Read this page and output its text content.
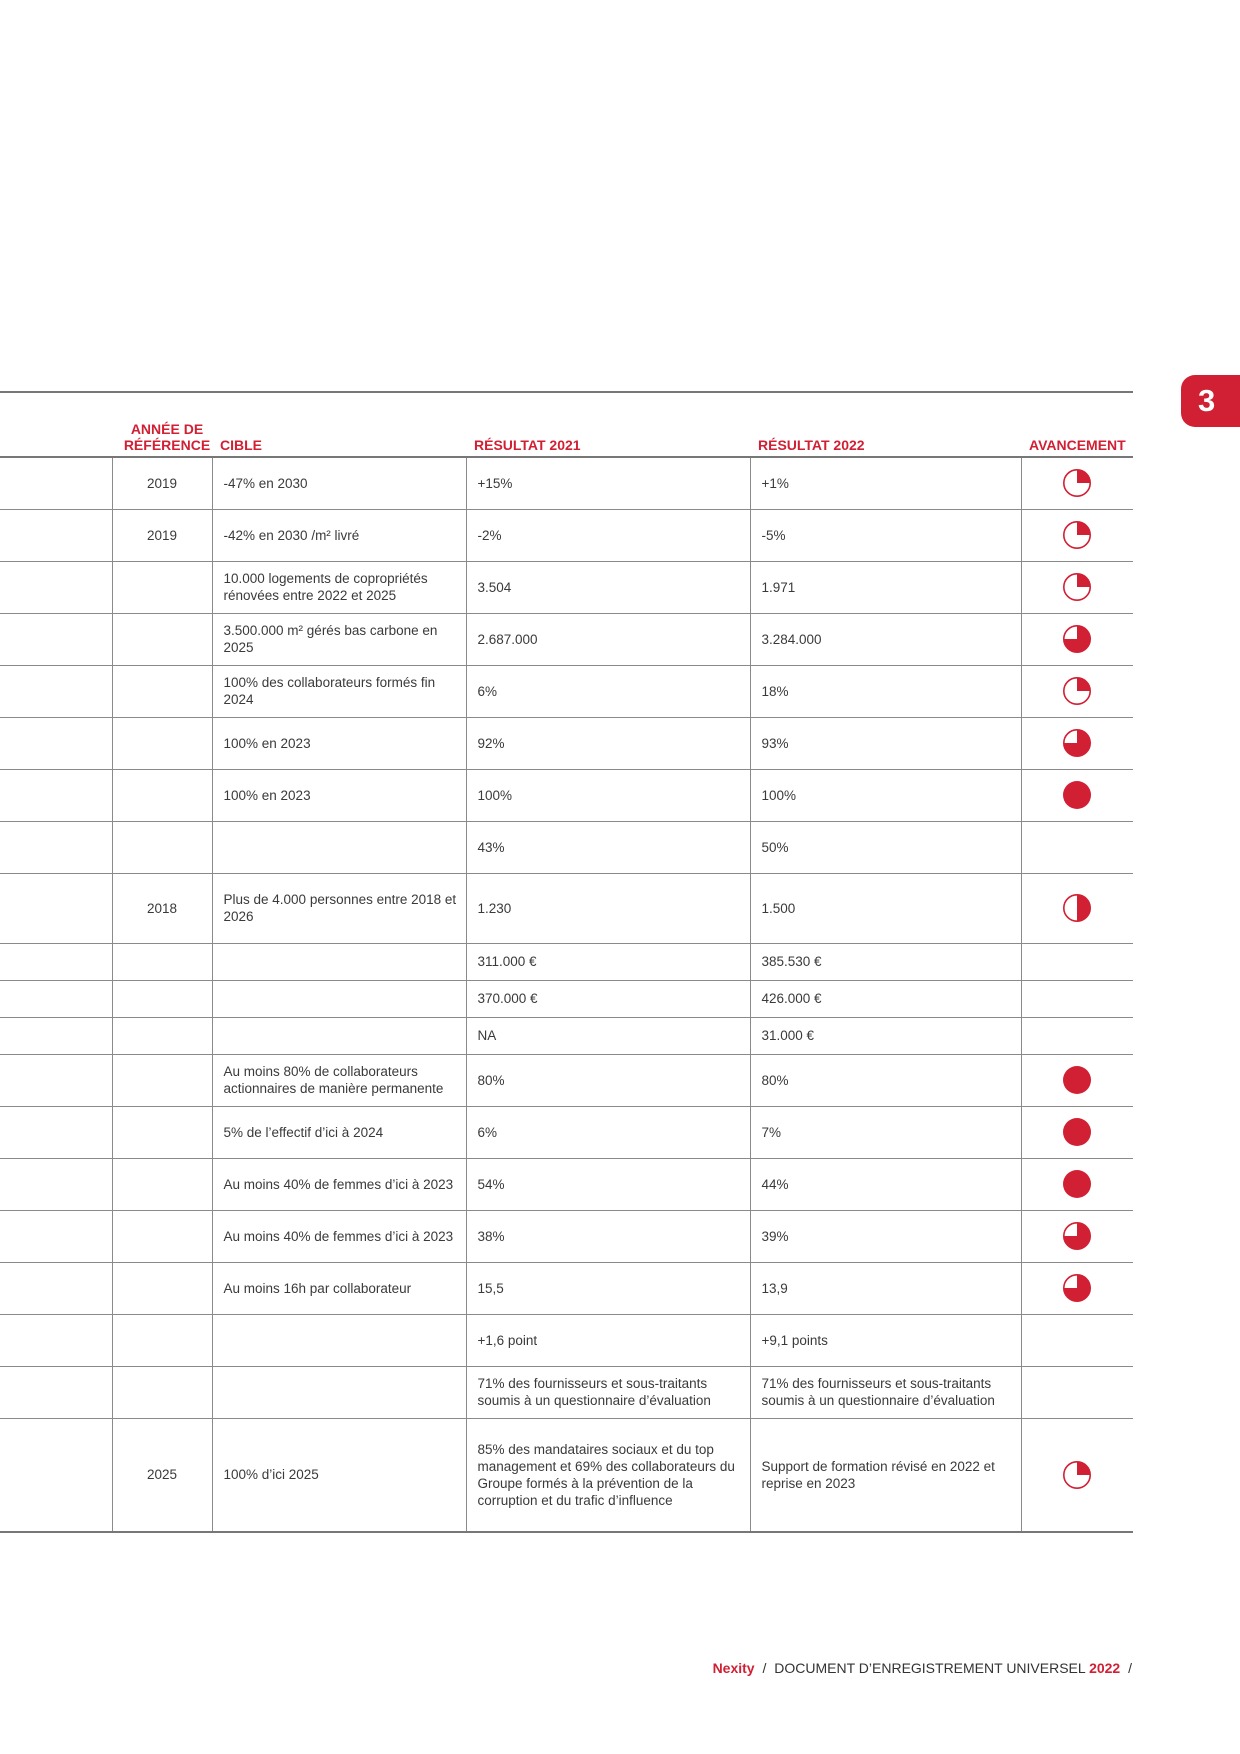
3
	ANNÉE DE RÉFÉRENCE	CIBLE	RÉSULTAT 2021	RÉSULTAT 2022	AVANCEMENT
	2019	-47% en 2030	+15%	+1%	
	2019	-42% en 2030 /m² livré	-2%	-5%	
		10.000 logements de copropriétés rénovées entre 2022 et 2025	3.504	1.971	
		3.500.000 m² gérés bas carbone en 2025	2.687.000	3.284.000	
		100% des collaborateurs formés fin 2024	6%	18%	
		100% en 2023	92%	93%	
		100% en 2023	100%	100%	
			43%	50%	
	2018	Plus de 4.000 personnes entre 2018 et 2026	1.230	1.500	
			311.000 €	385.530 €	
			370.000 €	426.000 €	
			NA	31.000 €	
		Au moins 80% de collaborateurs actionnaires de manière permanente	80%	80%	
		5% de l’effectif d’ici à 2024	6%	7%	
		Au moins 40% de femmes d’ici à 2023	54%	44%	
		Au moins 40% de femmes d’ici à 2023	38%	39%	
		Au moins 16h par collaborateur	15,5	13,9	
			+1,6 point	+9,1 points	
			71% des fournisseurs et sous-traitants soumis à un questionnaire d’évaluation	71% des fournisseurs et sous-traitants soumis à un questionnaire d’évaluation	
	2025	100% d’ici 2025	85% des mandataires sociaux et du top management et 69% des collaborateurs du Groupe formés à la prévention de la corruption et du trafic d’influence	Support de formation révisé en 2022 et reprise en 2023	
Nexity / DOCUMENT D’ENREGISTREMENT UNIVERSEL 2022 /
